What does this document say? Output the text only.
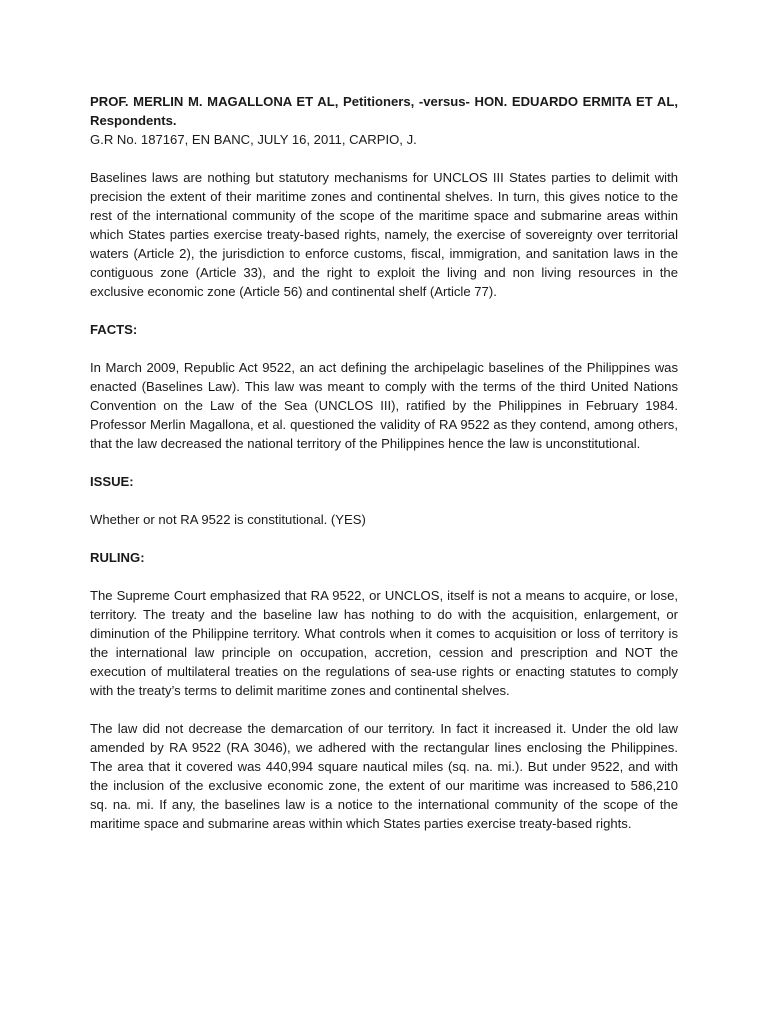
PROF. MERLIN M. MAGALLONA ET AL, Petitioners, -versus- HON. EDUARDO ERMITA ET AL, Respondents.

G.R No. 187167, EN BANC, JULY 16, 2011, CARPIO, J.

Baselines laws are nothing but statutory mechanisms for UNCLOS III States parties to delimit with precision the extent of their maritime zones and continental shelves. In turn, this gives notice to the rest of the international community of the scope of the maritime space and submarine areas within which States parties exercise treaty-based rights, namely, the exercise of sovereignty over territorial waters (Article 2), the jurisdiction to enforce customs, fiscal, immigration, and sanitation laws in the contiguous zone (Article 33), and the right to exploit the living and non living resources in the exclusive economic zone (Article 56) and continental shelf (Article 77).

FACTS:

In March 2009, Republic Act 9522, an act defining the archipelagic baselines of the Philippines was enacted (Baselines Law). This law was meant to comply with the terms of the third United Nations Convention on the Law of the Sea (UNCLOS III), ratified by the Philippines in February 1984. Professor Merlin Magallona, et al. questioned the validity of RA 9522 as they contend, among others, that the law decreased the national territory of the Philippines hence the law is unconstitutional.

ISSUE:

Whether or not RA 9522 is constitutional. (YES)

RULING:

The Supreme Court emphasized that RA 9522, or UNCLOS, itself is not a means to acquire, or lose, territory. The treaty and the baseline law has nothing to do with the acquisition, enlargement, or diminution of the Philippine territory. What controls when it comes to acquisition or loss of territory is the international law principle on occupation, accretion, cession and prescription and NOT the execution of multilateral treaties on the regulations of sea-use rights or enacting statutes to comply with the treaty’s terms to delimit maritime zones and continental shelves.

The law did not decrease the demarcation of our territory. In fact it increased it. Under the old law amended by RA 9522 (RA 3046), we adhered with the rectangular lines enclosing the Philippines. The area that it covered was 440,994 square nautical miles (sq. na. mi.). But under 9522, and with the inclusion of the exclusive economic zone, the extent of our maritime was increased to 586,210 sq. na. mi. If any, the baselines law is a notice to the international community of the scope of the maritime space and submarine areas within which States parties exercise treaty-based rights.
